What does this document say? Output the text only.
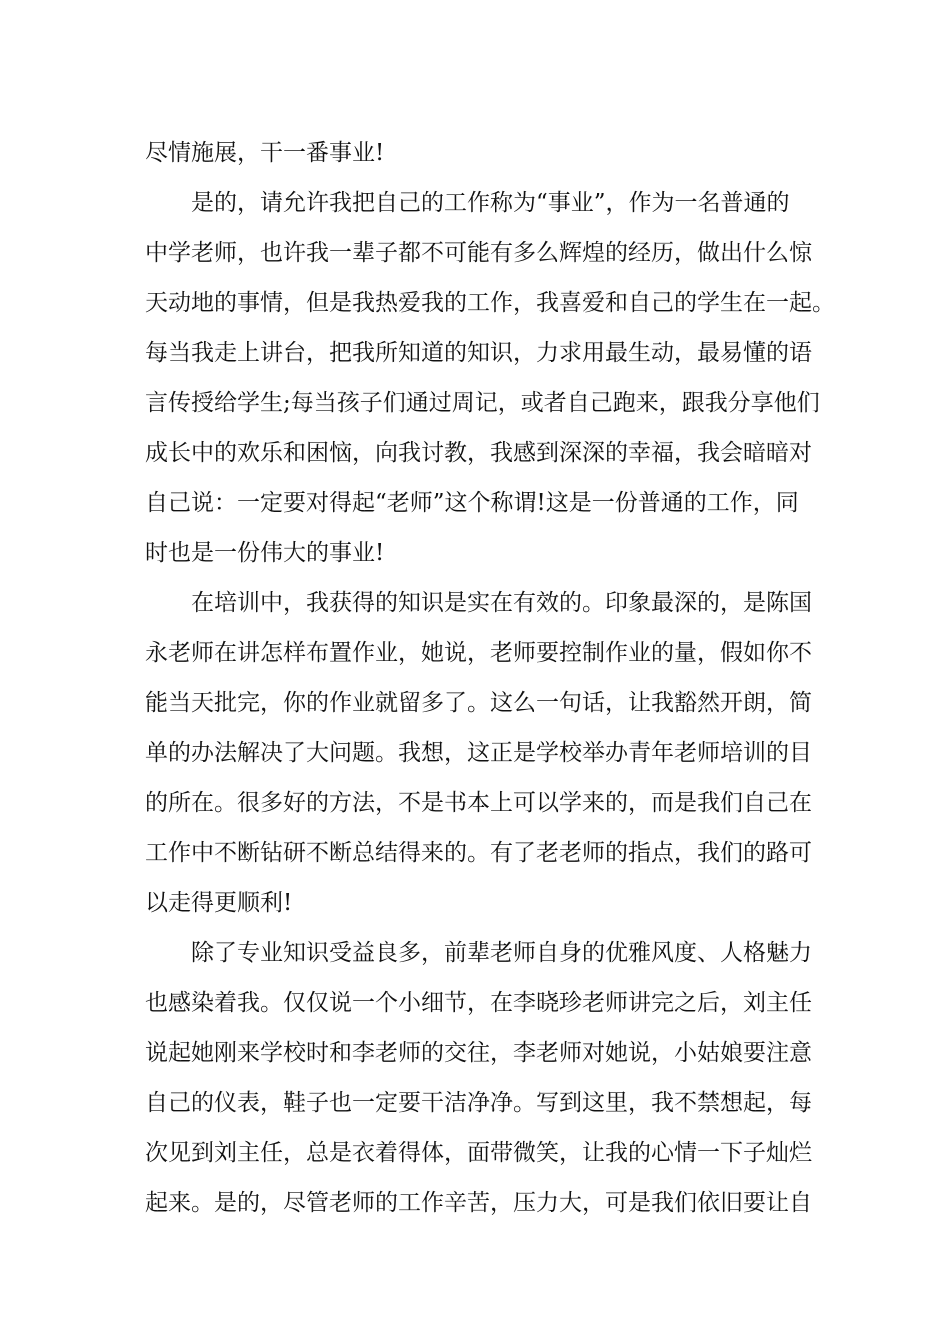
尽情施展，干一番事业!
是的，请允许我把自己的工作称为“事业”，作为一名普通的
中学老师，也许我一辈子都不可能有多么辉煌的经历，做出什么惊
天动地的事情，但是我热爱我的工作，我喜爱和自己的学生在一起。
每当我走上讲台，把我所知道的知识，力求用最生动，最易懂的语
言传授给学生;每当孩子们通过周记，或者自己跑来，跟我分享他们
成长中的欢乐和困恼，向我讨教，我感到深深的幸福，我会暗暗对
自己说：一定要对得起“老师”这个称谓!这是一份普通的工作，同
时也是一份伟大的事业!
在培训中，我获得的知识是实在有效的。印象最深的，是陈国
永老师在讲怎样布置作业，她说，老师要控制作业的量，假如你不
能当天批完，你的作业就留多了。这么一句话，让我豁然开朗，简
单的办法解决了大问题。我想，这正是学校举办青年老师培训的目
的所在。很多好的方法，不是书本上可以学来的，而是我们自己在
工作中不断钻研不断总结得来的。有了老老师的指点，我们的路可
以走得更顺利!
除了专业知识受益良多，前辈老师自身的优雅风度、人格魅力
也感染着我。仅仅说一个小细节，在李晓珍老师讲完之后，刘主任
说起她刚来学校时和李老师的交往，李老师对她说，小姑娘要注意
自己的仪表，鞋子也一定要干洁净净。写到这里，我不禁想起，每
次见到刘主任，总是衣着得体，面带微笑，让我的心情一下子灿烂
起来。是的，尽管老师的工作辛苦，压力大，可是我们依旧要让自
